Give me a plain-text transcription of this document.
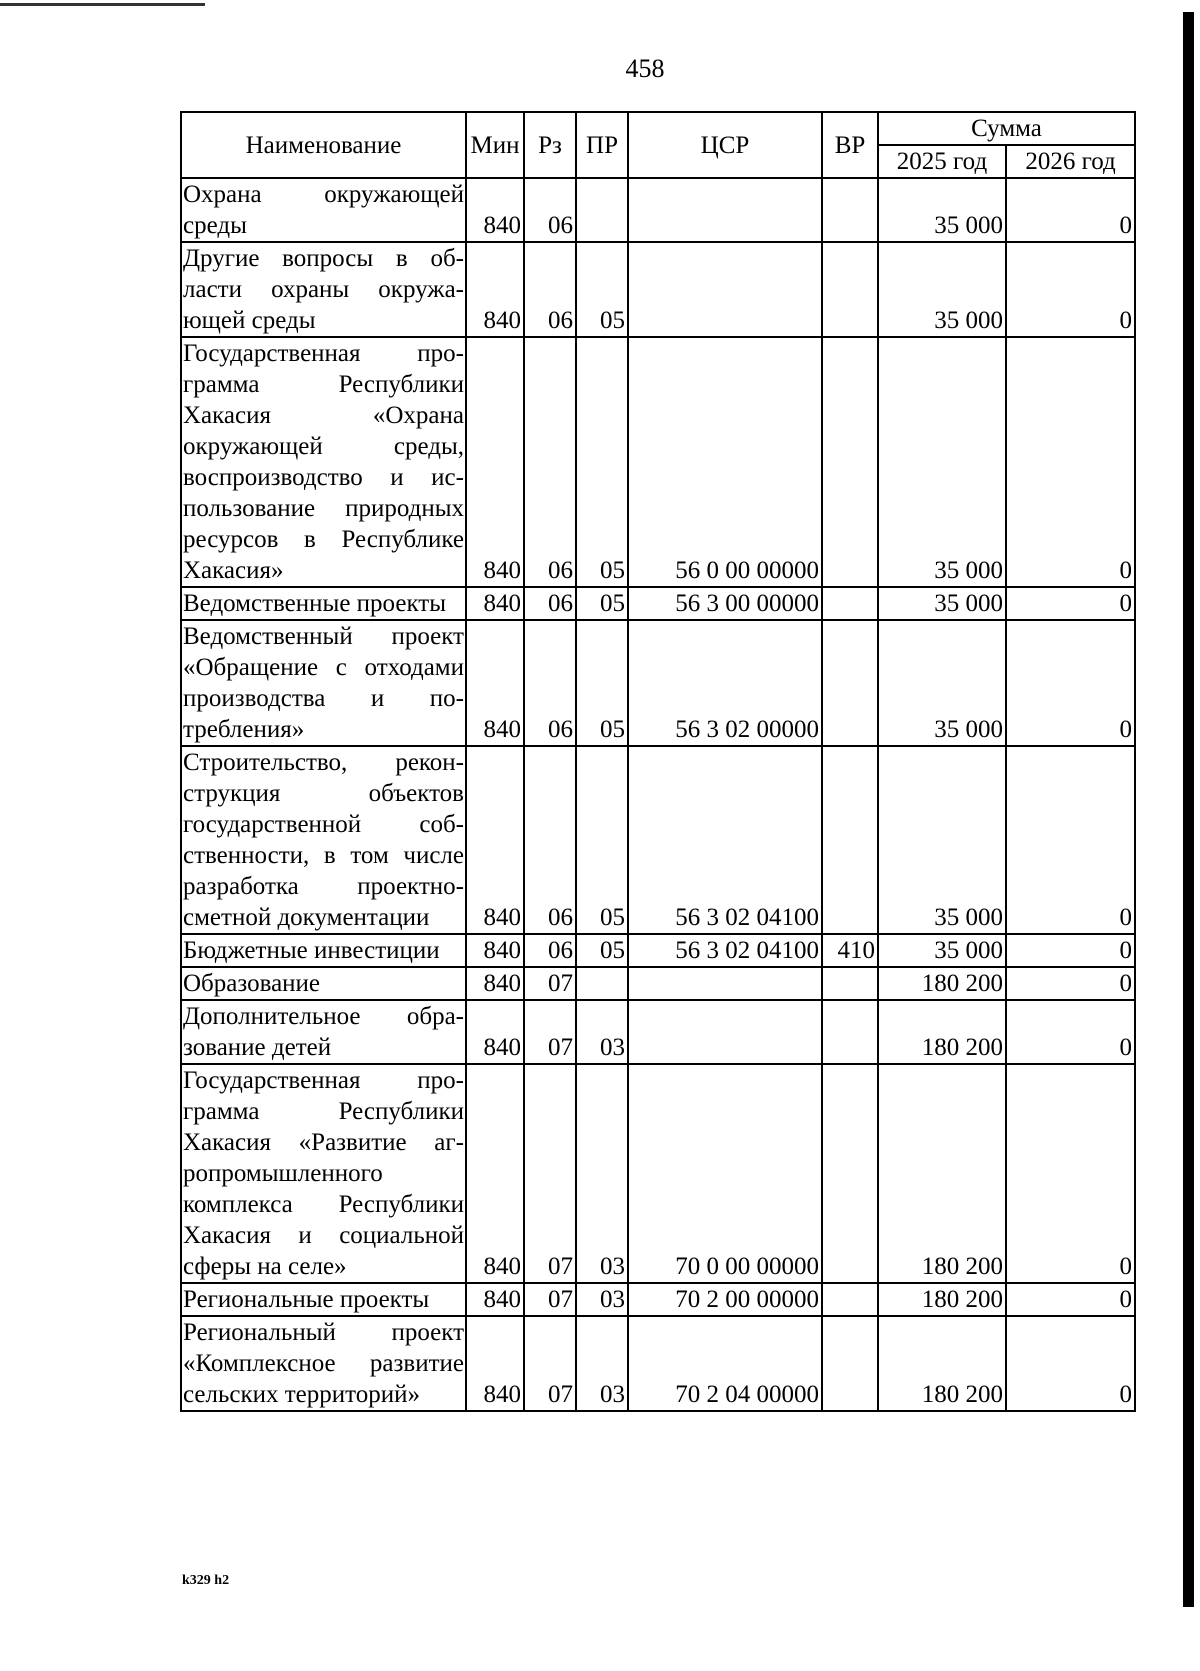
458
Наименование	Мин	Рз	ПР	ЦСР	ВР	Сумма	
						2025 год	2026 год
Охрана окружающей среды	840	06				35 000	0
Другие вопросы в области охраны окружающей среды	840	06	05			35 000	0
Государственная программа Республики Хакасия «Охрана окружающей среды, воспроизводство и использование природных ресурсов в Республике Хакасия»	840	06	05	56 0 00 00000		35 000	0
Ведомственные проекты	840	06	05	56 3 00 00000		35 000	0
Ведомственный проект «Обращение с отходами производства и потребления»	840	06	05	56 3 02 00000		35 000	0
Строительство, реконструкция объектов государственной собственности, в том числе разработка проектно-сметной документации	840	06	05	56 3 02 04100		35 000	0
Бюджетные инвестиции	840	06	05	56 3 02 04100	410	35 000	0
Образование	840	07				180 200	0
Дополнительное образование детей	840	07	03			180 200	0
Государственная программа Республики Хакасия «Развитие агропромышленного комплекса Республики Хакасия и социальной сферы на селе»	840	07	03	70 0 00 00000		180 200	0
Региональные проекты	840	07	03	70 2 00 00000		180 200	0
Региональный проект «Комплексное развитие сельских территорий»	840	07	03	70 2 04 00000		180 200	0
k329 h2
